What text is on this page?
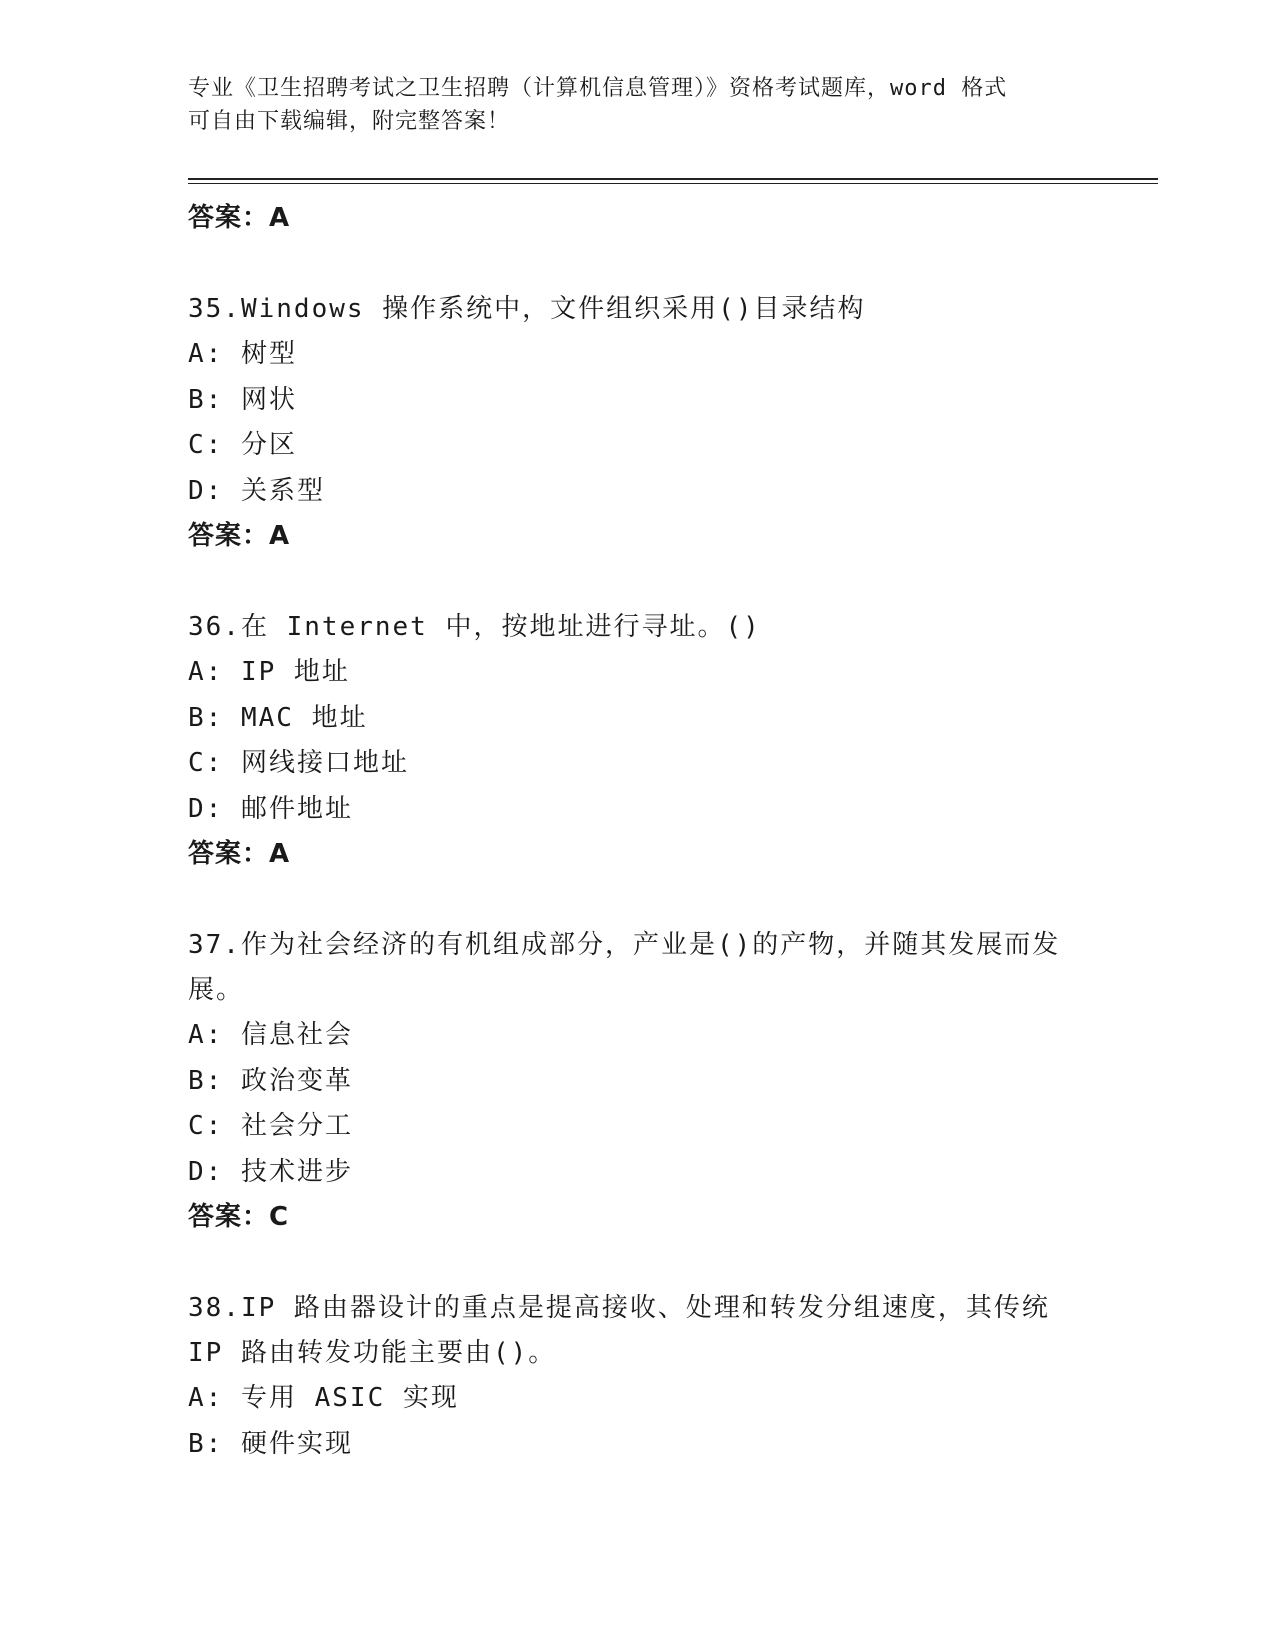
专业《卫生招聘考试之卫生招聘（计算机信息管理）》资格考试题库，word 格式
可自由下载编辑，附完整答案！
答案：A
35.Windows 操作系统中，文件组织采用()目录结构
A: 树型
B: 网状
C: 分区
D: 关系型
答案：A
36.在 Internet 中，按地址进行寻址。()
A: IP 地址
B: MAC 地址
C: 网线接口地址
D: 邮件地址
答案：A
37.作为社会经济的有机组成部分，产业是()的产物，并随其发展而发
展。
A: 信息社会
B: 政治变革
C: 社会分工
D: 技术进步
答案：C
38.IP 路由器设计的重点是提高接收、处理和转发分组速度，其传统
IP 路由转发功能主要由()。
A: 专用 ASIC 实现
B: 硬件实现
